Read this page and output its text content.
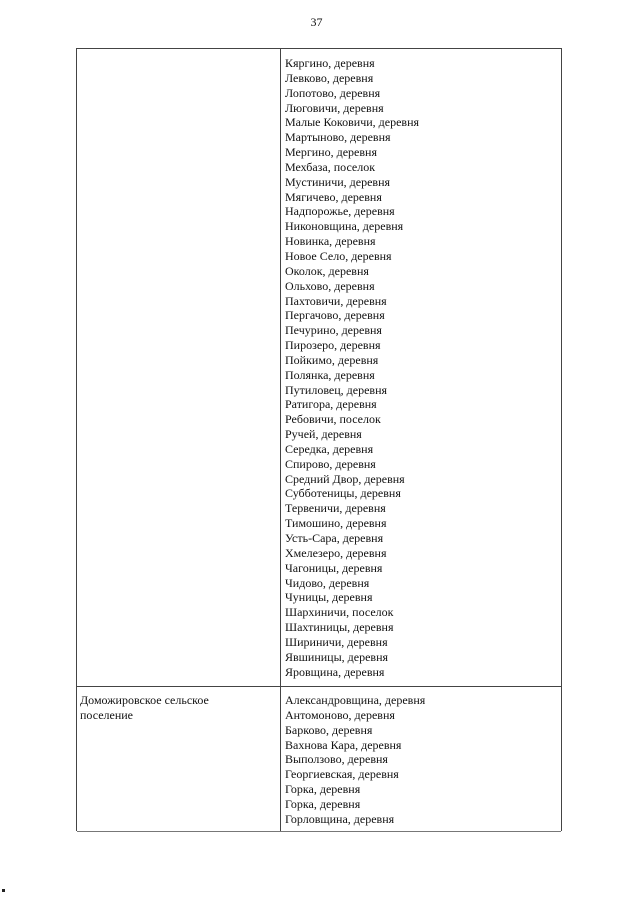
37
Кяргино, деревня
Левково, деревня
Лопотово, деревня
Люговичи, деревня
Малые Коковичи, деревня
Мартыново, деревня
Мергино, деревня
Мехбаза, поселок
Мустиничи, деревня
Мягичево, деревня
Надпорожье, деревня
Никоновщина, деревня
Новинка, деревня
Новое Село, деревня
Околок, деревня
Ольхово, деревня
Пахтовичи, деревня
Пергачово, деревня
Печурино, деревня
Пирозеро, деревня
Пойкимо, деревня
Полянка, деревня
Путиловец, деревня
Ратигора, деревня
Ребовичи, поселок
Ручей, деревня
Середка, деревня
Спирово, деревня
Средний Двор, деревня
Субботеницы, деревня
Тервеничи, деревня
Тимошино, деревня
Усть-Сара, деревня
Хмелезеро, деревня
Чагоницы, деревня
Чидово, деревня
Чуницы, деревня
Шархиничи, поселок
Шахтиницы, деревня
Шириничи, деревня
Явшиницы, деревня
Яровщина, деревня
Доможировское сельское
поселение
Александровщина, деревня
Антомоново, деревня
Барково, деревня
Вахнова Кара, деревня
Выползово, деревня
Георгиевская, деревня
Горка, деревня
Горка, деревня
Горловщина, деревня
